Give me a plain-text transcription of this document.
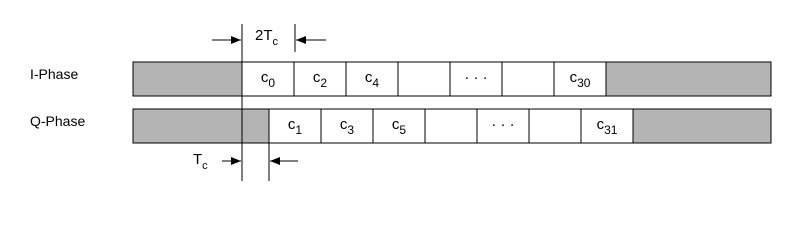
I-Phase
Q-Phase
$c_0$	$c_2$	$c_4$	· · ·	$c_{30}$
$c_1$	$c_3$	$c_5$	· · ·	$c_{31}$
$2T_c$
$T_c$
